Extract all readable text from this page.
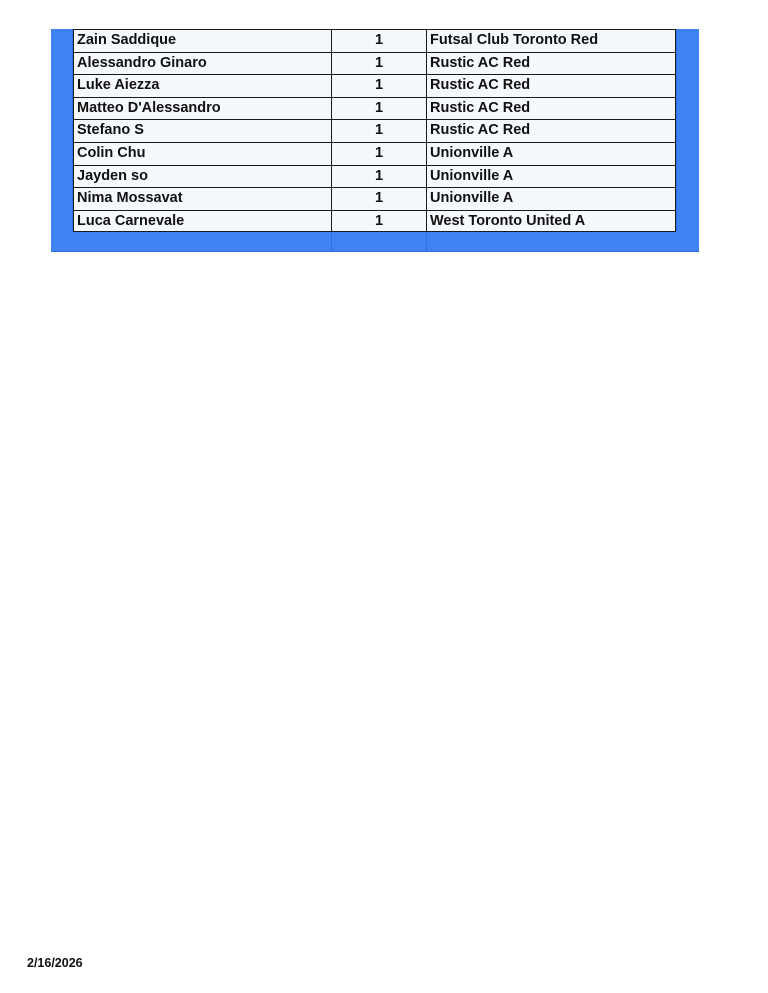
Zain Saddique	1	Futsal Club Toronto Red
Alessandro Ginaro	1	Rustic AC Red
Luke Aiezza	1	Rustic AC Red
Matteo D'Alessandro	1	Rustic AC Red
Stefano S	1	Rustic AC Red
Colin Chu	1	Unionville A
Jayden so	1	Unionville A
Nima Mossavat	1	Unionville A
Luca Carnevale	1	West Toronto United A
2/16/2026
